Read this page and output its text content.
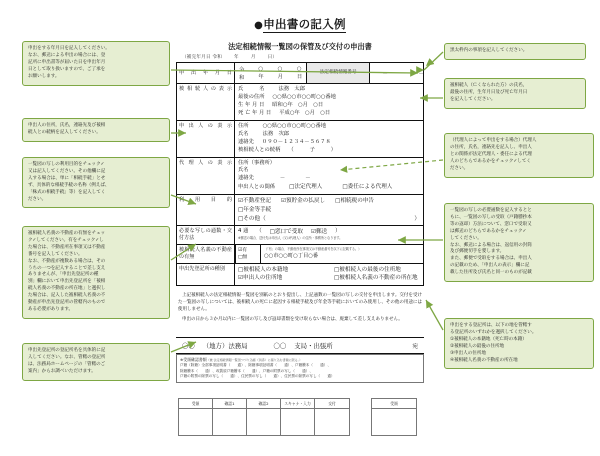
●申出書の記入例
法定相続情報一覧図の保管及び交付の申出書
（補完年月日 令和	年	月	日）
申 出 年 月 日 令和
○年
○月
○日
法定相続情報番号	－	－
被相続人の表示 氏　　　名	法務　太郎
最後の住所 ○○県○○市○○町○○番地
生 年 月 日 昭和○年　○月　○日
死 亡 年 月 日 平成○年　○月　○日
申出人の表示 住所	○○県○○市○○町○○番地
氏名	法務　次郎
連絡先 ０９０－１２３４－５６７８
被相続人との続柄 （　　　子　　　）
代理人の表示 住所（事務所）
氏名
連絡先	－	－
申出人との関係	□法定代理人	□委任による代理人
利 用 目 的 ☑不動産登記 ☑預貯金の払戻し □相続税の申告
□年金等手続
□その他（	）
必要な写しの通数・交付方法
4 通 （ □窓口で受取 ☑郵送 ）
※郵送の場合、送付先は申出人（又は代理人）の住所・事務所となります。
被相続人名義の不動産の有無
☑有
□無
（「有」の場合、不動産所在事項又は不動産番号を以下に記載する。）
○○市○○町○丁目○番
申出先登記所の種別 □被相続人の本籍地	□被相続人の最後の住所地
☑申出人の住所地	□被相続人名義の不動産の所在地

上記被相続人の法定相続情報一覧図を別紙のとおり提出し、上記通数の一覧図の写しの交付を申出します。交付を受けた一覧図の写しについては、被相続人の死亡に起因する相続手続及び年金等手続においてのみ使用し、その他の用途には使用しません。

申出の日から３か月以内に一覧図の写し及び返却書類を受け取らない場合は、廃棄して差し支えありません。

〇〇 （地方）法務局	〇〇 支局・出張所	宛
※受領確認書類（兼 法定相続情報一覧図つづり込帳（別添）に綴り込む書類に限る。）
戸籍（除籍）全部事項証明書（　　通）、除籍事項証明書（　　通）、戸籍謄本（　　通）、
除籍謄本（　　通）、改製原戸籍謄本（　　通）、戸籍の附票の写し（　　通）、
戸籍の附票の除票の写し（　　通）、住民票の写し（　　通）、住民票の除票の写し（　　通）
受領	確認1	確認2	スキャナ・入力	交付	受領
申出をする年月日を記入してください。
なお、郵送による申出の場合には、登
記所に申出書等が届いた日を申出年月
日として取り扱いますので、ご了承を
お願いします。
申出人の住所，氏名，連絡先及び被相
続人との続柄を記入してください。
一覧図の写しの利用目的をチェック✓
又は記入してください。その他欄に記
入する場合は、単に「相続手続」とせ
ず、具体的な相続手続の名称（例えば、
「株式の相続手続」等）を記入してく
ださい。
被相続人名義の不動産の有無をチェッ
ク✓してください。有をチェック✓し
た場合は、不動産所在事項又は不動産
番号を記入してください。
なお、不動産が複数ある場合は、その
うちの一つを記入することで差し支え
ありませんが、「申出先登記所の種
別」欄において申出先登記所を「被相
続人名義の不動産の所在地」と選択し
た場合は、記入した被相続人名義の不
動産が申出先登記所の管轄内のもので
ある必要があります。
申出先登記所の登記所名を具体的に記
入してください。なお、管轄の登記所
は、法務局ホームページの「管轄のご
案内」からお調べいただけます。
黒太枠内の事項を記入してください。
被相続人（亡くなられた方）の氏名，
最後の住所，生年月日及び死亡年月日
を記入してください。
（代理人によって申出をする場合）代理人
の住所，氏名，連絡先を記入し、申出人
との関係が法定代理人・委任による代理
人のどちらであるかをチェック✓してく
ださい。
一覧図の写しの必要通数を記入するとと
もに、一覧図の写しの受取（戸籍謄抄本
等の返却）方法について、窓口で受取又
は郵送のどちらであるかをチェック✓
してください。
なお、郵送による場合は、返信用の封筒
及び郵便切手を要します。
また、郵便で受取をする場合は、申出人
の記載のため、「申出人の表示」欄に記
載した住所及び氏名と同一のものが記載
申出をする登記所は、以下の地を管轄す
る登記所のいずれかを選択してください。
①被相続人の本籍地（死亡時の本籍）
②被相続人の最後の住所地
③申出人の住所地
④被相続人名義の不動産の所在地
